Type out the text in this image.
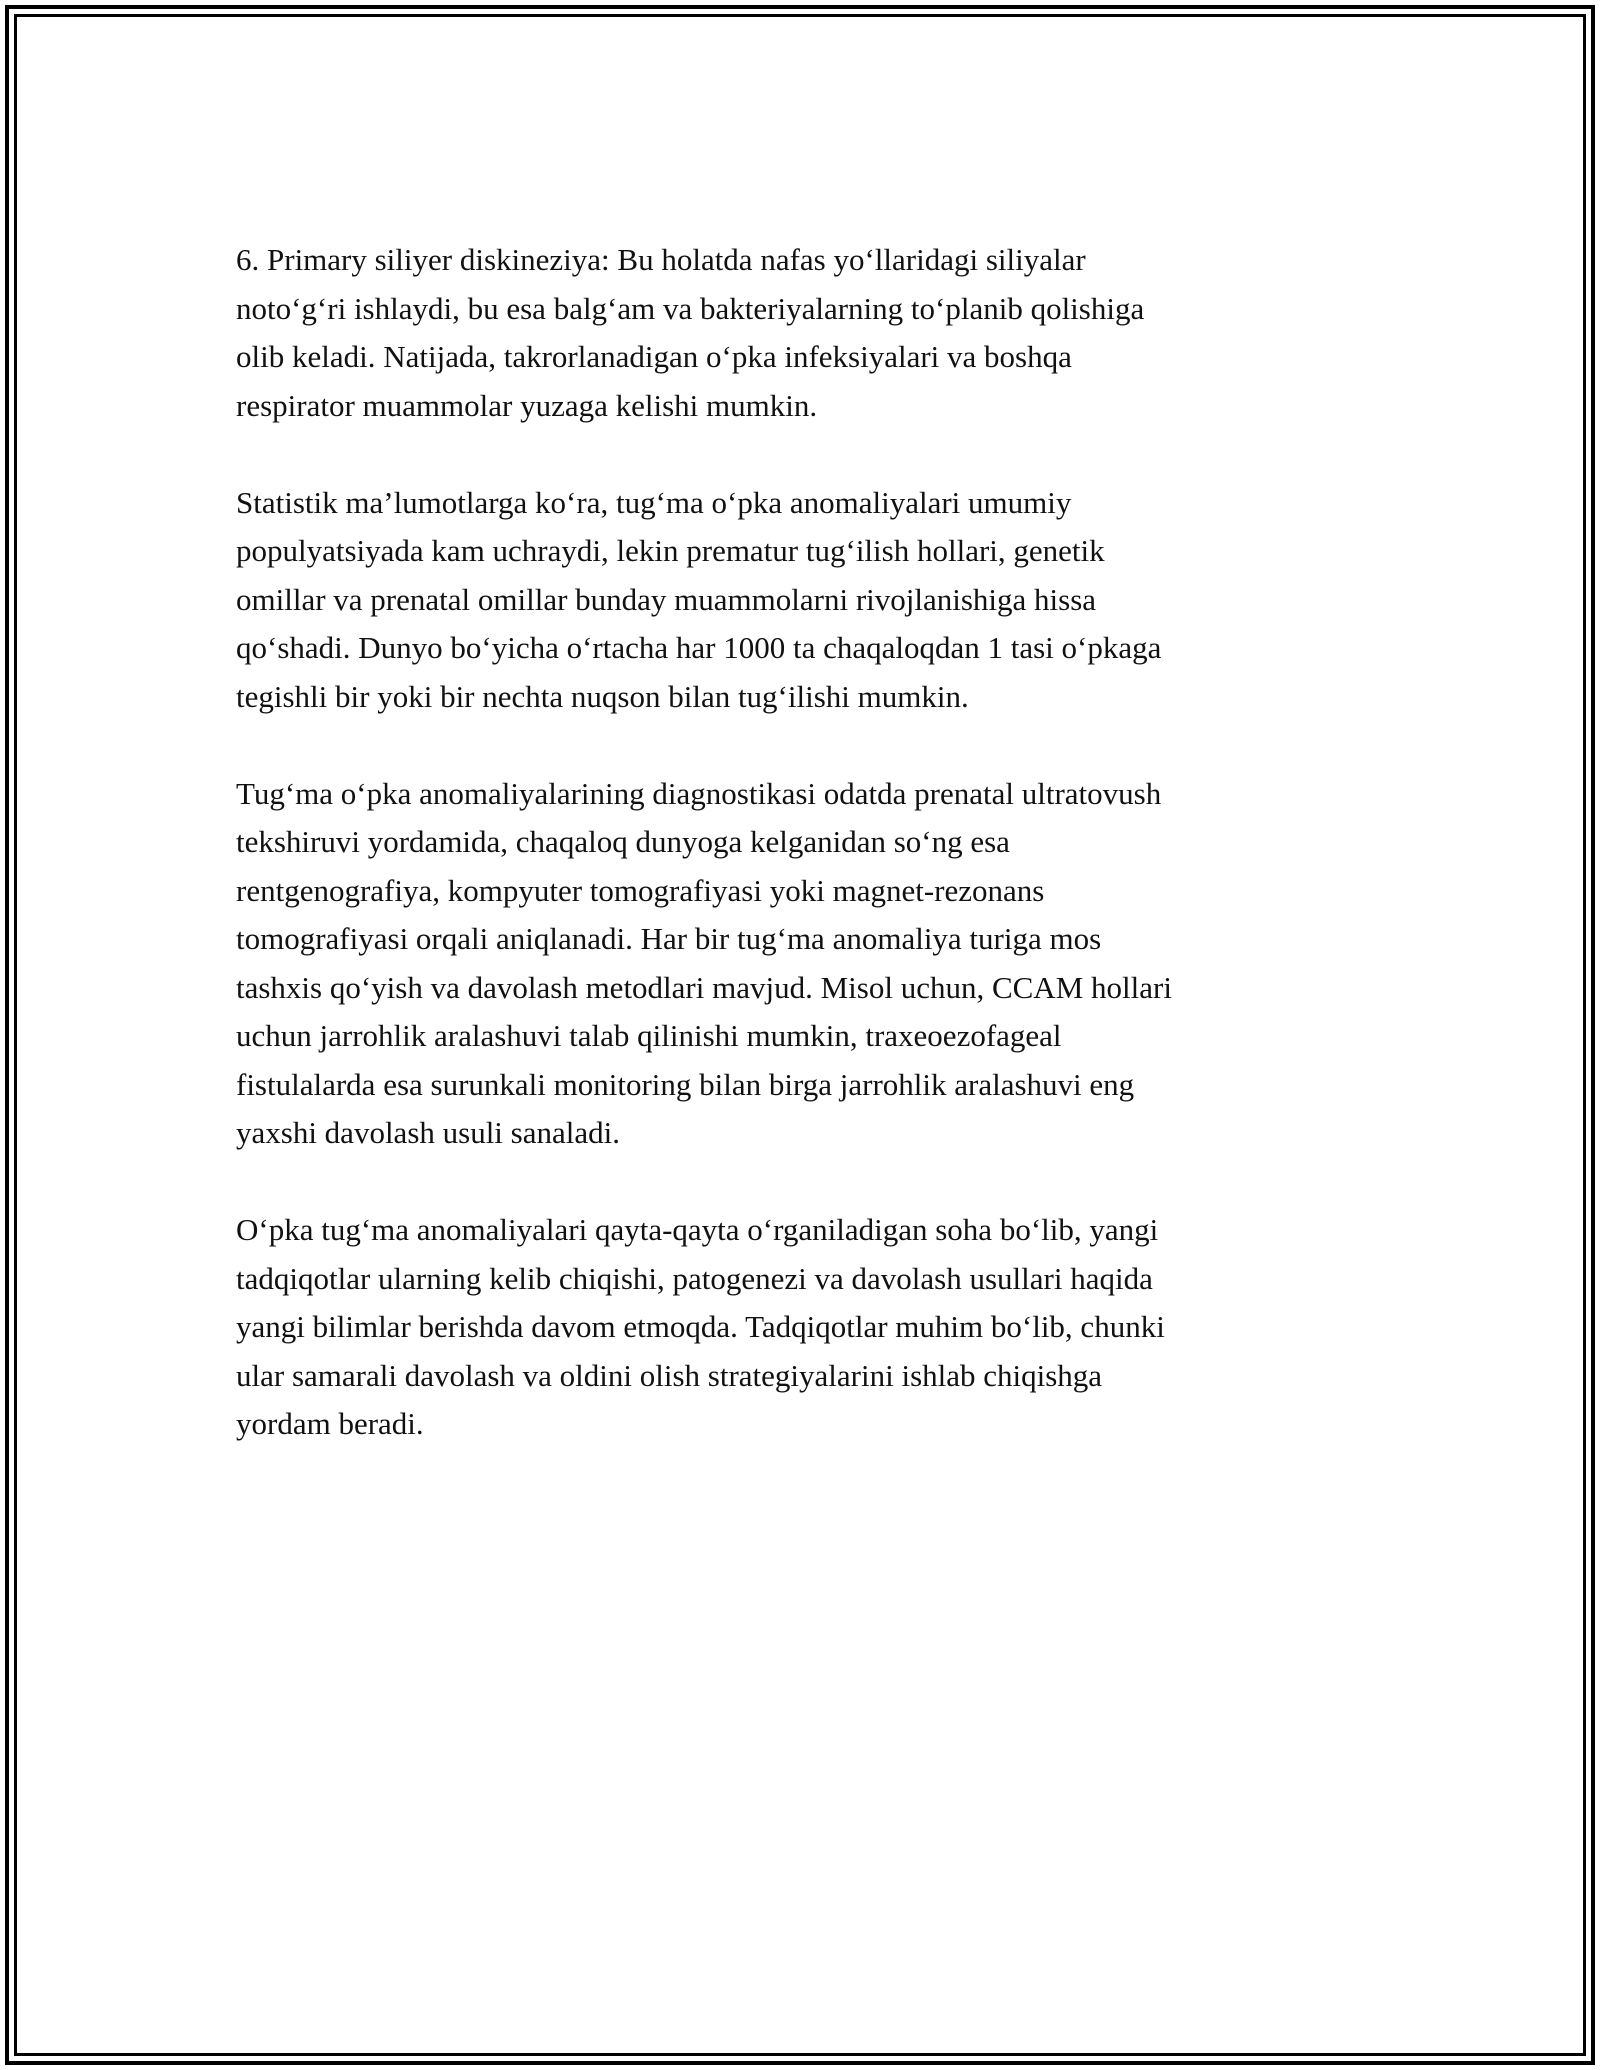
6. Primary siliyer diskineziya: Bu holatda nafas yo‘llaridagi siliyalar
noto‘g‘ri ishlaydi, bu esa balg‘am va bakteriyalarning to‘planib qolishiga
olib keladi. Natijada, takrorlanadigan o‘pka infeksiyalari va boshqa
respirator muammolar yuzaga kelishi mumkin.

Statistik ma’lumotlarga ko‘ra, tug‘ma o‘pka anomaliyalari umumiy
populyatsiyada kam uchraydi, lekin prematur tug‘ilish hollari, genetik
omillar va prenatal omillar bunday muammolarni rivojlanishiga hissa
qo‘shadi. Dunyo bo‘yicha o‘rtacha har 1000 ta chaqaloqdan 1 tasi o‘pkaga
tegishli bir yoki bir nechta nuqson bilan tug‘ilishi mumkin.

Tug‘ma o‘pka anomaliyalarining diagnostikasi odatda prenatal ultratovush
tekshiruvi yordamida, chaqaloq dunyoga kelganidan so‘ng esa
rentgenografiya, kompyuter tomografiyasi yoki magnet-rezonans
tomografiyasi orqali aniqlanadi. Har bir tug‘ma anomaliya turiga mos
tashxis qo‘yish va davolash metodlari mavjud. Misol uchun, CCAM hollari
uchun jarrohlik aralashuvi talab qilinishi mumkin, traxeoezofageal
fistulalarda esa surunkali monitoring bilan birga jarrohlik aralashuvi eng
yaxshi davolash usuli sanaladi.

O‘pka tug‘ma anomaliyalari qayta-qayta o‘rganiladigan soha bo‘lib, yangi
tadqiqotlar ularning kelib chiqishi, patogenezi va davolash usullari haqida
yangi bilimlar berishda davom etmoqda. Tadqiqotlar muhim bo‘lib, chunki
ular samarali davolash va oldini olish strategiyalarini ishlab chiqishga
yordam beradi.
